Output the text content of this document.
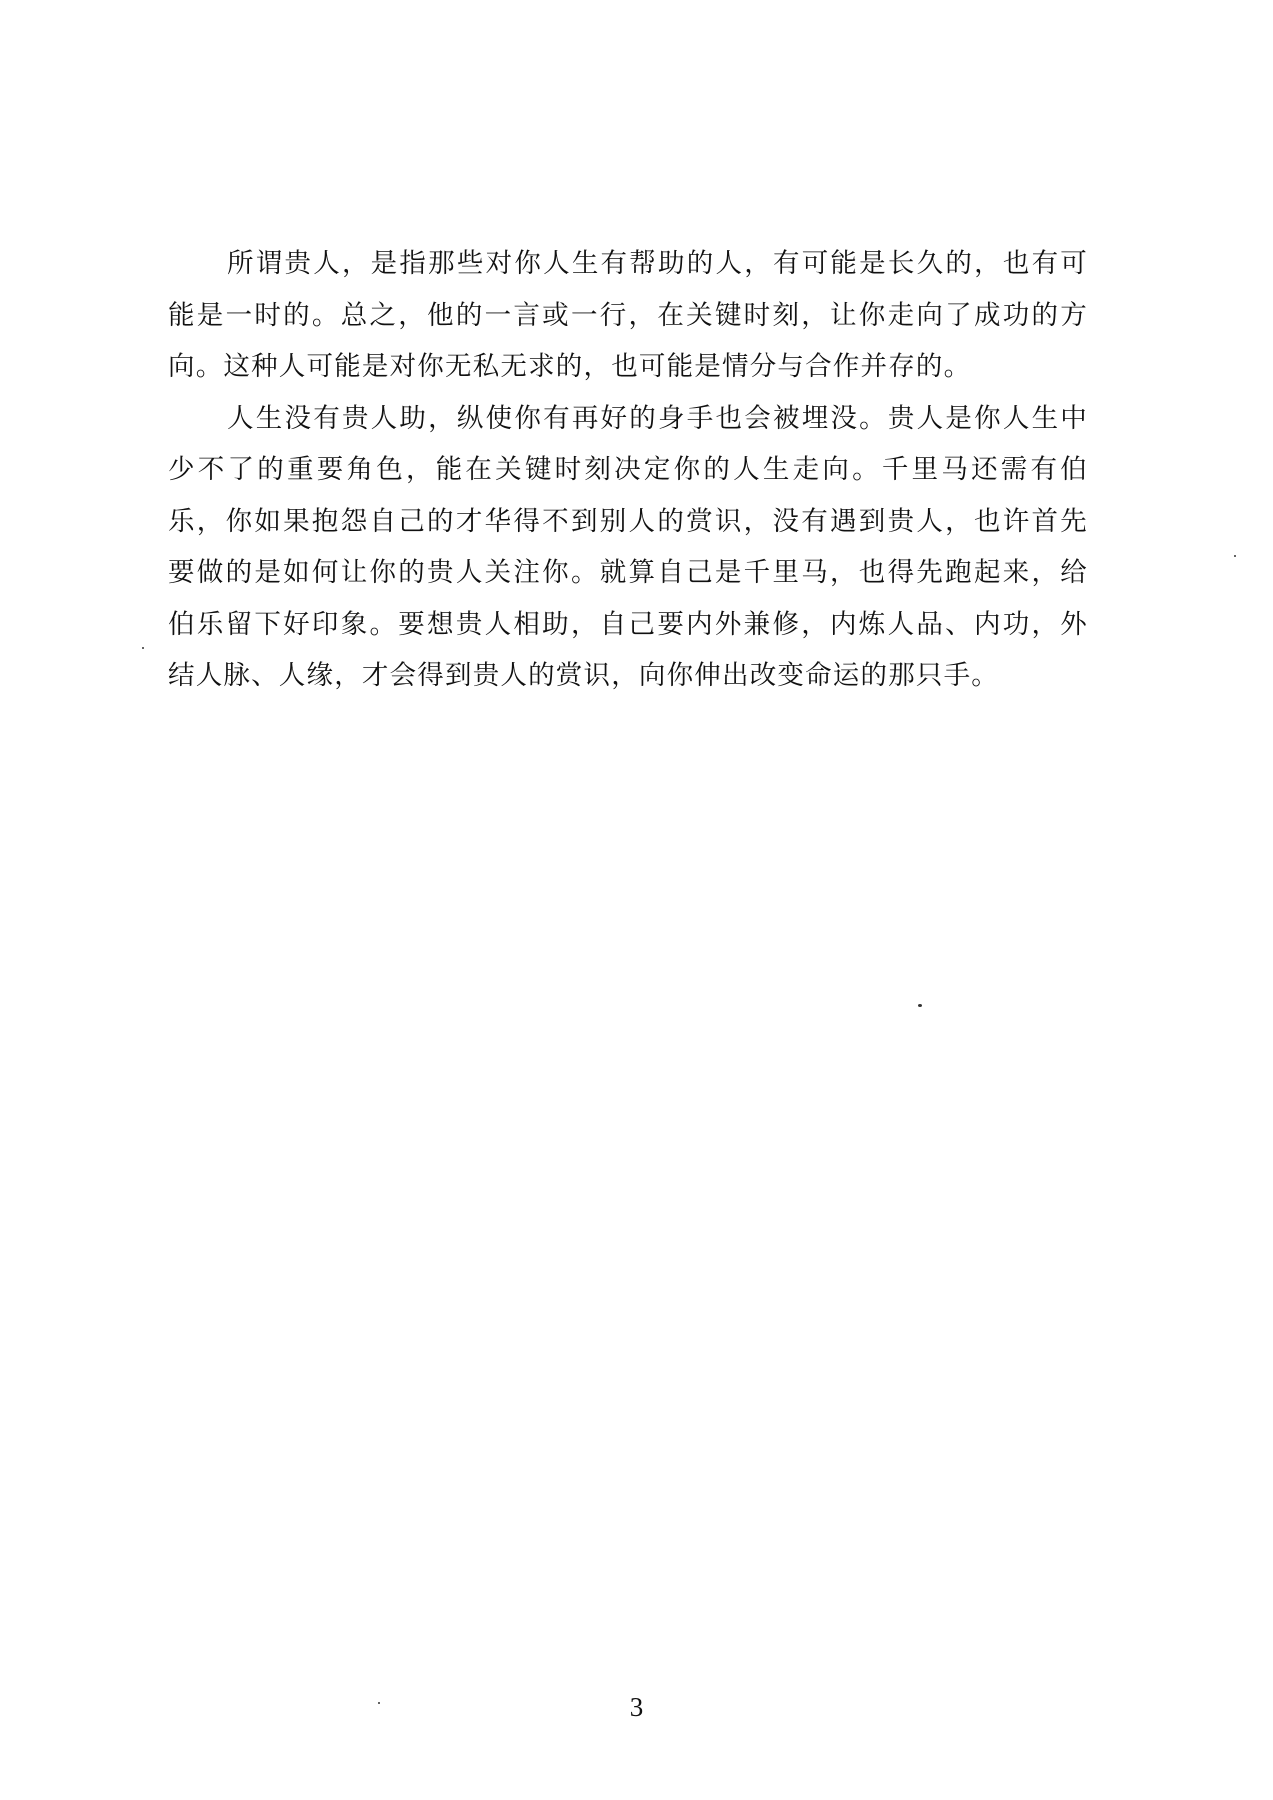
所谓贵人，是指那些对你人生有帮助的人，有可能是长久的，也有可
能是一时的。总之，他的一言或一行，在关键时刻，让你走向了成功的方
向。这种人可能是对你无私无求的，也可能是情分与合作并存的。

人生没有贵人助，纵使你有再好的身手也会被埋没。贵人是你人生中
少不了的重要角色，能在关键时刻决定你的人生走向。千里马还需有伯
乐，你如果抱怨自己的才华得不到别人的赏识，没有遇到贵人，也许首先
要做的是如何让你的贵人关注你。就算自己是千里马，也得先跑起来，给
伯乐留下好印象。要想贵人相助，自己要内外兼修，内炼人品、内功，外
结人脉、人缘，才会得到贵人的赏识，向你伸出改变命运的那只手。

3
